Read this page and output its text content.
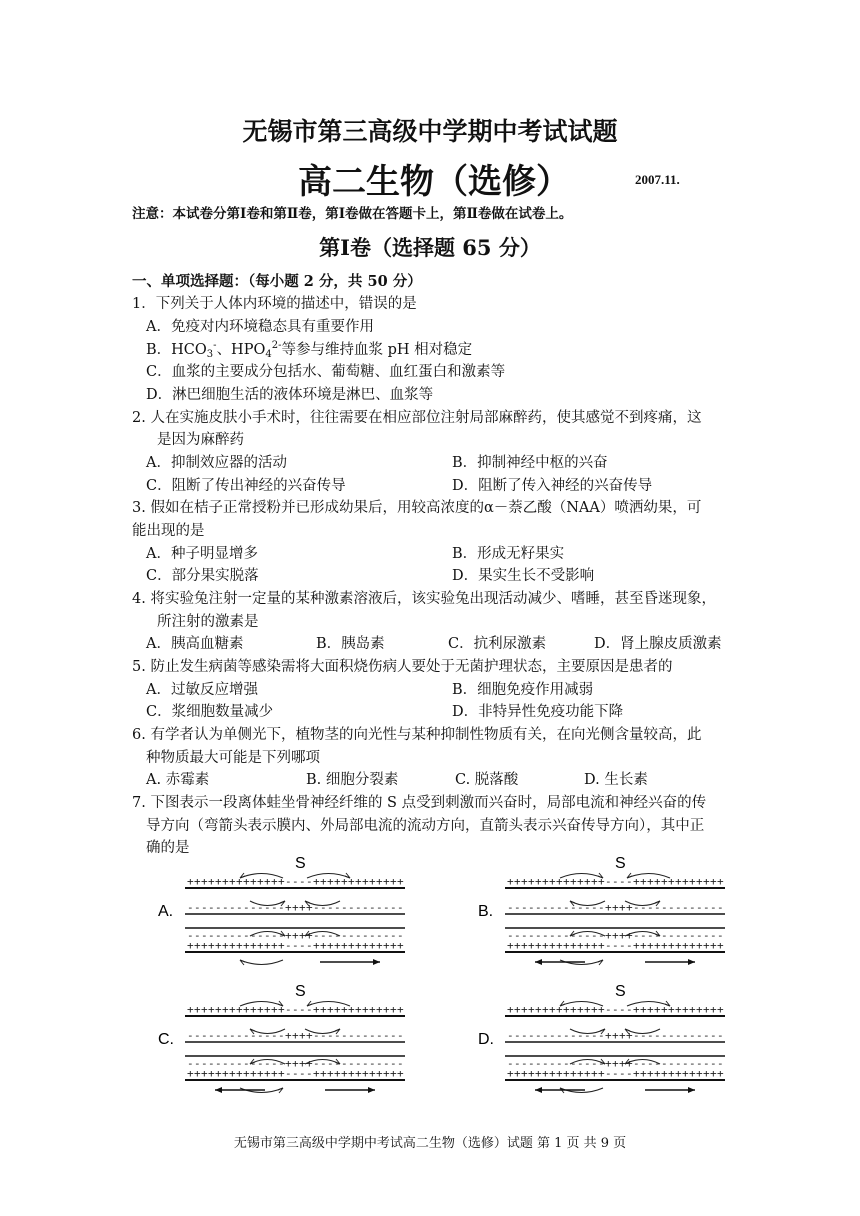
无锡市第三高级中学期中考试试题
高二生物（选修）	2007.11.
注意：本试卷分第Ⅰ卷和第Ⅱ卷，第Ⅰ卷做在答题卡上，第Ⅱ卷做在试卷上。
第Ⅰ卷（选择题 65 分）
一、单项选择题：（每小题 2 分，共 50 分）
1．下列关于人体内环境的描述中，错误的是
A．免疫对内环境稳态具有重要作用
B．$HCO_3^-$、$HPO_4^{2-}$等参与维持血浆 pH 相对稳定
C．血浆的主要成分包括水、葡萄糖、血红蛋白和激素等
D．淋巴细胞生活的液体环境是淋巴、血浆等
2. 人在实施皮肤小手术时，往往需要在相应部位注射局部麻醉药，使其感觉不到疼痛，这
是因为麻醉药
A．抑制效应器的活动	B．抑制神经中枢的兴奋
C．阻断了传出神经的兴奋传导	D．阻断了传入神经的兴奋传导
3. 假如在桔子正常授粉并已形成幼果后，用较高浓度的α－萘乙酸（NAA）喷洒幼果，可
能出现的是
A．种子明显增多	B．形成无籽果实
C．部分果实脱落	D．果实生长不受影响
4. 将实验兔注射一定量的某种激素溶液后，该实验兔出现活动减少、嗜睡，甚至昏迷现象，
所注射的激素是
A．胰高血糖素	B．胰岛素	C．抗利尿激素	D．肾上腺皮质激素
5. 防止发生病菌等感染需将大面积烧伤病人要处于无菌护理状态，主要原因是患者的
A．过敏反应增强	B．细胞免疫作用减弱
C．浆细胞数量减少	D．非特异性免疫功能下降
6. 有学者认为单侧光下，植物茎的向光性与某种抑制性物质有关，在向光侧含量较高，此
种物质最大可能是下列哪项
A. 赤霉素	B. 细胞分裂素	C. 脱落酸	D. 生长素
7. 下图表示一段离体蛙坐骨神经纤维的 S 点受到刺激而兴奋时，局部电流和神经兴奋的传
导方向（弯箭头表示膜内、外局部电流的流动方向，直箭头表示兴奋传导方向），其中正
确的是
A.
S
+ + + + + + + + + + + + + + - - - - + + + + + + + + + + + + +
- - - - - - - - - - - - - - + + + + - - - - - - - - - - - - -
- - - - - - - - - - - - - - + + + + - - - - - - - - - - - - -
+ + + + + + + + + + + + + + - - - - + + + + + + + + + + + + +
B.
S
+ + + + + + + + + + + + + + - - - - + + + + + + + + + + + + +
- - - - - - - - - - - - - - + + + + - - - - - - - - - - - - -
- - - - - - - - - - - - - - + + + + - - - - - - - - - - - - -
+ + + + + + + + + + + + + + - - - - + + + + + + + + + + + + +
C.
S
+ + + + + + + + + + + + + + - - - - + + + + + + + + + + + + +
- - - - - - - - - - - - - - + + + + - - - - - - - - - - - - -
- - - - - - - - - - - - - - + + + + - - - - - - - - - - - - -
+ + + + + + + + + + + + + + - - - - + + + + + + + + + + + + +
D.
S
+ + + + + + + + + + + + + + - - - - + + + + + + + + + + + + +
- - - - - - - - - - - - - - + + + + - - - - - - - - - - - - -
- - - - - - - - - - - - - - + + + + - - - - - - - - - - - - -
+ + + + + + + + + + + + + + - - - - + + + + + + + + + + + + +
无锡市第三高级中学期中考试高二生物（选修）试题 第 1 页 共 9 页
